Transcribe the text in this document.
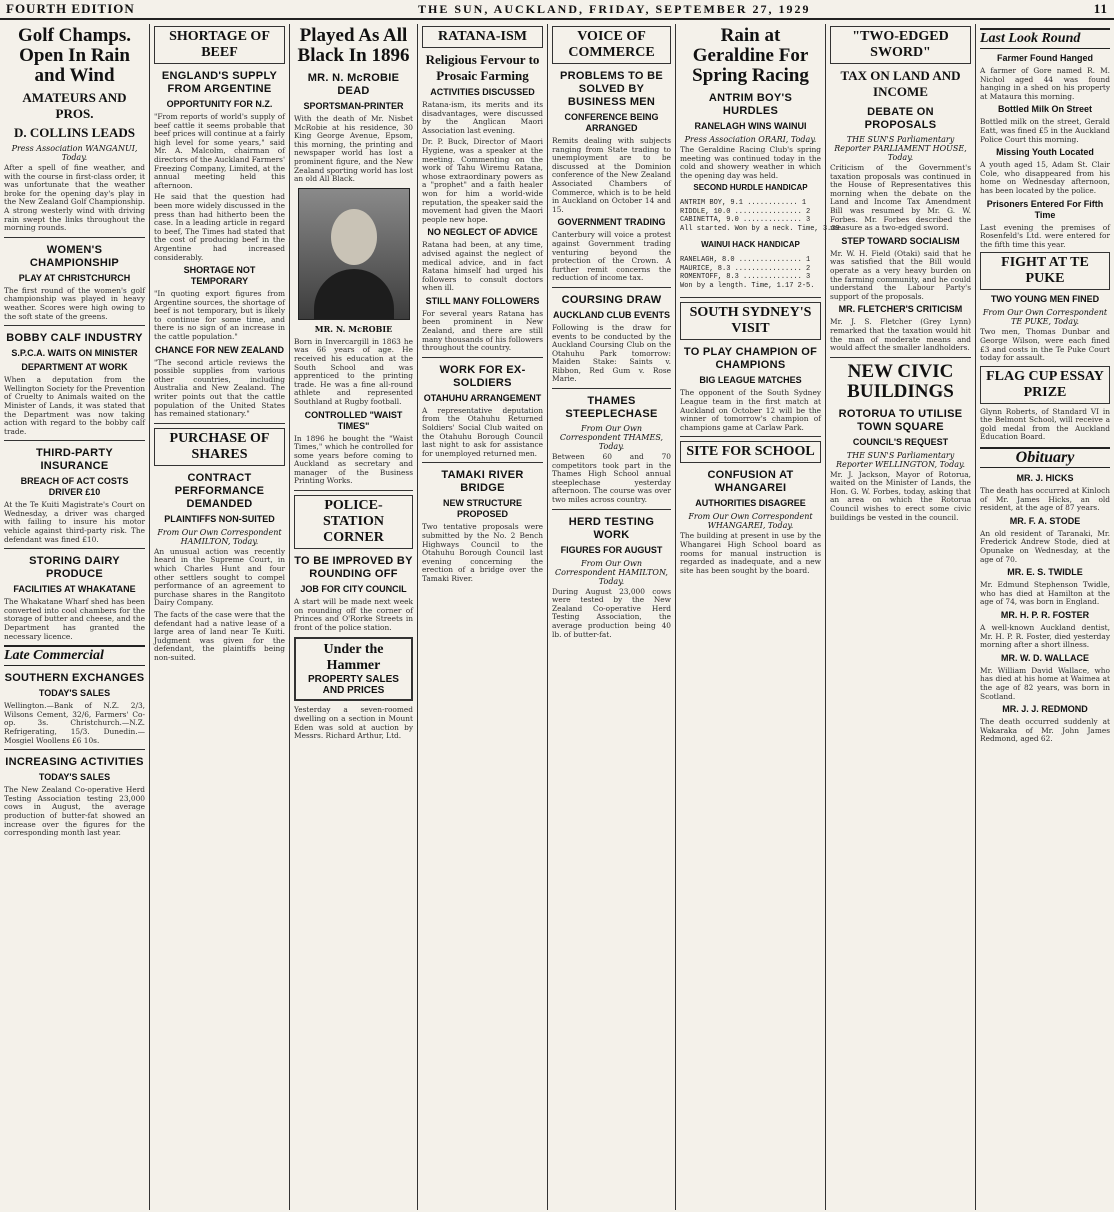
FOURTH EDITION	THE SUN, AUCKLAND, FRIDAY, SEPTEMBER 27, 1929	11
Golf Champs. Open In Rain and Wind
AMATEURS AND PROS.
D. COLLINS LEADS
Press Association WANGANUI, Today.

After a spell of fine weather, and with the course in first-class order, it was unfortunate that the weather broke for the opening day's play in the New Zealand Golf Championship. A strong westerly wind with driving rain swept the links throughout the morning rounds.

WOMEN'S CHAMPIONSHIP
PLAY AT CHRISTCHURCH

The first round of the women's golf championship was played in heavy weather. Scores were high owing to the soft state of the greens.

BOBBY CALF INDUSTRY
S.P.C.A. WAITS ON MINISTER
DEPARTMENT AT WORK

When a deputation from the Wellington Society for the Prevention of Cruelty to Animals waited on the Minister of Lands, it was stated that the Department was now taking action with regard to the bobby calf trade.

THIRD-PARTY INSURANCE
BREACH OF ACT COSTS DRIVER £10

At the Te Kuiti Magistrate's Court on Wednesday, a driver was charged with failing to insure his motor vehicle against third-party risk. The defendant was fined £10.

STORING DAIRY PRODUCE
FACILITIES AT WHAKATANE

The Whakatane Wharf shed has been converted into cool chambers for the storage of butter and cheese, and the Department has granted the necessary licence.

Late Commercial
SOUTHERN EXCHANGES
TODAY'S SALES

Wellington.—Bank of N.Z. 2/3, Wilsons Cement, 32/6, Farmers' Co-op. 3s. Christchurch.—N.Z. Refrigerating, 15/3. Dunedin.—Mosgiel Woollens £6 10s.

INCREASING ACTIVITIES
TODAY'S SALES

The New Zealand Co-operative Herd Testing Association testing 23,000 cows in August, the average production of butter-fat showed an increase over the figures for the corresponding month last year.

SHORTAGE OF BEEF
ENGLAND'S SUPPLY FROM ARGENTINE
OPPORTUNITY FOR N.Z.

"From reports of world's supply of beef cattle it seems probable that beef prices will continue at a fairly high level for some years," said Mr. A. Malcolm, chairman of directors of the Auckland Farmers' Freezing Company, Limited, at the annual meeting held this afternoon.

He said that the question had been more widely discussed in the press than had hitherto been the case. In a leading article in regard to beef, The Times had stated that the cost of producing beef in the Argentine had increased considerably.

SHORTAGE NOT TEMPORARY

"In quoting export figures from Argentine sources, the shortage of beef is not temporary, but is likely to continue for some time, and there is no sign of an increase in the cattle population."

CHANCE FOR NEW ZEALAND

"The second article reviews the possible supplies from various other countries, including Australia and New Zealand. The writer points out that the cattle population of the United States has remained stationary."

PURCHASE OF SHARES
CONTRACT PERFORMANCE DEMANDED
PLAINTIFFS NON-SUITED
From Our Own Correspondent HAMILTON, Today.

An unusual action was recently heard in the Supreme Court, in which Charles Hunt and four other settlers sought to compel performance of an agreement to purchase shares in the Rangitoto Dairy Company.

The facts of the case were that the defendant had a native lease of a large area of land near Te Kuiti. Judgment was given for the defendant, the plaintiffs being non-suited.

Played As All Black In 1896
MR. N. McROBIE DEAD
SPORTSMAN-PRINTER

With the death of Mr. Nisbet McRobie at his residence, 30 King George Avenue, Epsom, this morning, the printing and newspaper world has lost a prominent figure, and the New Zealand sporting world has lost an old All Black.

MR. N. McROBIE

Born in Invercargill in 1863 he was 66 years of age. He received his education at the South School and was apprenticed to the printing trade. He was a fine all-round athlete and represented Southland at Rugby football.

CONTROLLED "WAIST TIMES"

In 1896 he bought the "Waist Times," which he controlled for some years before coming to Auckland as secretary and manager of the Business Printing Works.

POLICE-STATION CORNER
TO BE IMPROVED BY ROUNDING OFF
JOB FOR CITY COUNCIL

A start will be made next week on rounding off the corner of Princes and O'Rorke Streets in front of the police station.

Under the Hammer
PROPERTY SALES AND PRICES

Yesterday a seven-roomed dwelling on a section in Mount Eden was sold at auction by Messrs. Richard Arthur, Ltd.

RATANA-ISM
Religious Fervour to Prosaic Farming
ACTIVITIES DISCUSSED

Ratana-ism, its merits and its disadvantages, were discussed by the Anglican Maori Association last evening.

Dr. P. Buck, Director of Maori Hygiene, was a speaker at the meeting. Commenting on the work of Tahu Wiremu Ratana, whose extraordinary powers as a "prophet" and a faith healer won for him a world-wide reputation, the speaker said the movement had given the Maori people new hope.

NO NEGLECT OF ADVICE

Ratana had been, at any time, advised against the neglect of medical advice, and in fact Ratana himself had urged his followers to consult doctors when ill.

STILL MANY FOLLOWERS

For several years Ratana has been prominent in New Zealand, and there are still many thousands of his followers throughout the country.

WORK FOR EX-SOLDIERS
OTAHUHU ARRANGEMENT

A representative deputation from the Otahuhu Returned Soldiers' Social Club waited on the Otahuhu Borough Council last night to ask for assistance for unemployed returned men.

TAMAKI RIVER BRIDGE
NEW STRUCTURE PROPOSED

Two tentative proposals were submitted by the No. 2 Bench Highways Council to the Otahuhu Borough Council last evening concerning the erection of a bridge over the Tamaki River.

VOICE OF COMMERCE
PROBLEMS TO BE SOLVED BY BUSINESS MEN
CONFERENCE BEING ARRANGED

Remits dealing with subjects ranging from State trading to unemployment are to be discussed at the Dominion conference of the New Zealand Associated Chambers of Commerce, which is to be held in Auckland on October 14 and 15.

GOVERNMENT TRADING

Canterbury will voice a protest against Government trading venturing beyond the protection of the Crown. A further remit concerns the reduction of income tax.

COURSING DRAW
AUCKLAND CLUB EVENTS

Following is the draw for events to be conducted by the Auckland Coursing Club on the Otahuhu Park tomorrow: Maiden Stake: Saints v. Ribbon, Red Gum v. Rose Marie.

THAMES STEEPLECHASE
From Our Own Correspondent THAMES, Today.

Between 60 and 70 competitors took part in the Thames High School annual steeplechase yesterday afternoon. The course was over two miles across country.

HERD TESTING WORK
FIGURES FOR AUGUST
From Our Own Correspondent HAMILTON, Today.

During August 23,000 cows were tested by the New Zealand Co-operative Herd Testing Association, the average production being 40 lb. of butter-fat.

Rain at Geraldine For Spring Racing
ANTRIM BOY'S HURDLES
RANELAGH WINS WAINUI
Press Association ORARI, Today.

The Geraldine Racing Club's spring meeting was continued today in the cold and showery weather in which the opening day was held.

SECOND HURDLE HANDICAP
ANTRIM BOY, 9.1 ............ 1
RIDDLE, 10.0 ................ 2
CABINETTA, 9.0 .............. 3
All started. Won by a neck. Time, 3.39.
WAINUI HACK HANDICAP
RANELAGH, 8.0 ............... 1
MAURICE, 8.3 ................ 2
ROMENTOFF, 8.3 .............. 3
Won by a length. Time, 1.17 2-5.
SOUTH SYDNEY'S VISIT
TO PLAY CHAMPION OF CHAMPIONS
BIG LEAGUE MATCHES

The opponent of the South Sydney League team in the first match at Auckland on October 12 will be the winner of tomorrow's champion of champions game at Carlaw Park.

SITE FOR SCHOOL
CONFUSION AT WHANGAREI
AUTHORITIES DISAGREE
From Our Own Correspondent WHANGAREI, Today.

The building at present in use by the Whangarei High School board as rooms for manual instruction is regarded as inadequate, and a new site has been sought by the board.

"TWO-EDGED SWORD"
TAX ON LAND AND INCOME
DEBATE ON PROPOSALS
THE SUN'S Parliamentary Reporter PARLIAMENT HOUSE, Today.

Criticism of the Government's taxation proposals was continued in the House of Representatives this morning when the debate on the Land and Income Tax Amendment Bill was resumed by Mr. G. W. Forbes. Mr. Forbes described the measure as a two-edged sword.

STEP TOWARD SOCIALISM

Mr. W. H. Field (Otaki) said that he was satisfied that the Bill would operate as a very heavy burden on the farming community, and he could understand the Labour Party's support of the proposals.

MR. FLETCHER'S CRITICISM

Mr. J. S. Fletcher (Grey Lynn) remarked that the taxation would hit the man of moderate means and would affect the smaller landholders.

NEW CIVIC BUILDINGS
ROTORUA TO UTILISE TOWN SQUARE
COUNCIL'S REQUEST
THE SUN'S Parliamentary Reporter WELLINGTON, Today.

Mr. J. Jackson, Mayor of Rotorua, waited on the Minister of Lands, the Hon. G. W. Forbes, today, asking that an area on which the Rotorua Council wishes to erect some civic buildings be vested in the council.

Last Look Round
Farmer Found Hanged

A farmer of Gore named R. M. Nichol aged 44 was found hanging in a shed on his property at Mataura this morning.

Bottled Milk On Street

Bottled milk on the street, Gerald Eatt, was fined £5 in the Auckland Police Court this morning.

Missing Youth Located

A youth aged 15, Adam St. Clair Cole, who disappeared from his home on Wednesday afternoon, has been located by the police.

Prisoners Entered For Fifth Time

Last evening the premises of Rosenfeld's Ltd. were entered for the fifth time this year.

FIGHT AT TE PUKE
TWO YOUNG MEN FINED
From Our Own Correspondent TE PUKE, Today.

Two men, Thomas Dunbar and George Wilson, were each fined £3 and costs in the Te Puke Court today for assault.

FLAG CUP ESSAY PRIZE

Glynn Roberts, of Standard VI in the Belmont School, will receive a gold medal from the Auckland Education Board.

Obituary
MR. J. HICKS

The death has occurred at Kinloch of Mr. James Hicks, an old resident, at the age of 87 years.

MR. F. A. STODE

An old resident of Taranaki, Mr. Frederick Andrew Stode, died at Opunake on Wednesday, at the age of 70.

MR. E. S. TWIDLE

Mr. Edmund Stephenson Twidle, who has died at Hamilton at the age of 74, was born in England.

MR. H. P. R. FOSTER

A well-known Auckland dentist, Mr. H. P. R. Foster, died yesterday morning after a short illness.

MR. W. D. WALLACE

Mr. William David Wallace, who has died at his home at Waimea at the age of 82 years, was born in Scotland.

MR. J. J. REDMOND

The death occurred suddenly at Wakaraka of Mr. John James Redmond, aged 62.
